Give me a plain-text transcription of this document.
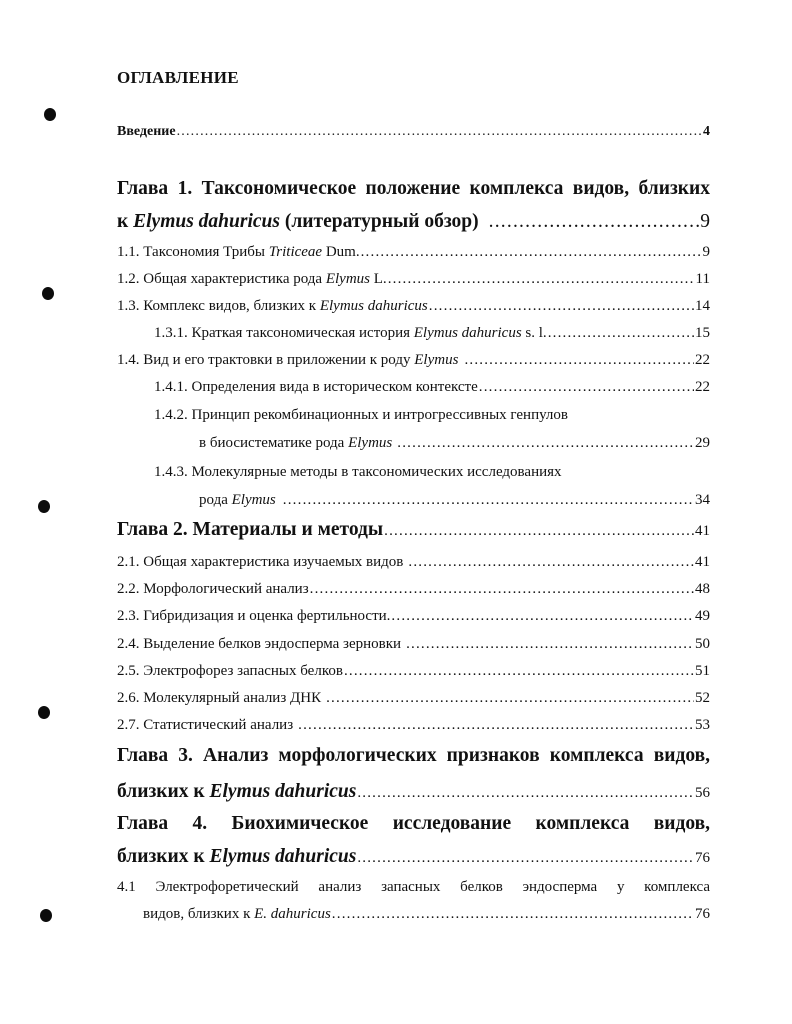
ОГЛАВЛЕНИЕ
Введение .....	4
Глава 1. Таксономическое положение комплекса видов, близких
к Elymus dahuricus (литературный обзор) .....	9
1.1. Таксономия Трибы Triticeae Dum. .....	9
1.2. Общая характеристика рода Elymus L. .....	11
1.3. Комплекс видов, близких к Elymus dahuricus .....	14
1.3.1. Краткая таксономическая история Elymus dahuricus s. l. .....	15
1.4. Вид и его трактовки в приложении к роду Elymus .....	22
1.4.1. Определения вида в историческом контексте .....	22
1.4.2. Принцип рекомбинационных и интрогрессивных генпулов
в биосистематике рода Elymus .....	29
1.4.3. Молекулярные методы в таксономических исследованиях
рода Elymus .....	34
Глава 2. Материалы и методы .....	41
2.1. Общая характеристика изучаемых видов .....	41
2.2. Морфологический анализ .....	48
2.3. Гибридизация и оценка фертильности. .....	49
2.4. Выделение белков эндосперма зерновки .....	50
2.5. Электрофорез запасных белков .....	51
2.6. Молекулярный анализ ДНК .....	52
2.7. Статистический анализ .....	53
Глава 3. Анализ морфологических признаков комплекса видов,
близких к Elymus dahuricus .....	56
Глава 4. Биохимическое исследование комплекса видов,
близких к Elymus dahuricus .....	76
4.1 Электрофоретический анализ запасных белков эндосперма у комплекса
видов, близких к E. dahuricus .....	76
